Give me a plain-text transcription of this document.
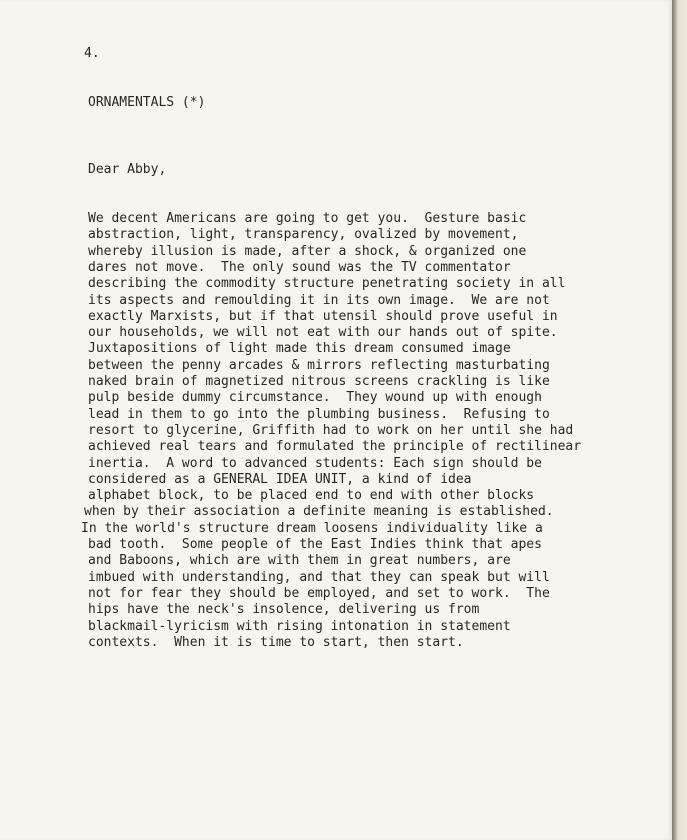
4.
ORNAMENTALS (*)
Dear Abby,
We decent Americans are going to get you.  Gesture basic
abstraction, light, transparency, ovalized by movement,
whereby illusion is made, after a shock, & organized one
dares not move.  The only sound was the TV commentator
describing the commodity structure penetrating society in all
its aspects and remoulding it in its own image.  We are not
exactly Marxists, but if that utensil should prove useful in
our households, we will not eat with our hands out of spite.
Juxtapositions of light made this dream consumed image
between the penny arcades & mirrors reflecting masturbating
naked brain of magnetized nitrous screens crackling is like
pulp beside dummy circumstance.  They wound up with enough
lead in them to go into the plumbing business.  Refusing to
resort to glycerine, Griffith had to work on her until she had
achieved real tears and formulated the principle of rectilinear
inertia.  A word to advanced students: Each sign should be
considered as a GENERAL IDEA UNIT, a kind of idea
alphabet block, to be placed end to end with other blocks
when by their association a definite meaning is established.
In the world's structure dream loosens individuality like a
bad tooth.  Some people of the East Indies think that apes
and Baboons, which are with them in great numbers, are
imbued with understanding, and that they can speak but will
not for fear they should be employed, and set to work.  The
hips have the neck's insolence, delivering us from
blackmail-lyricism with rising intonation in statement
contexts.  When it is time to start, then start.
